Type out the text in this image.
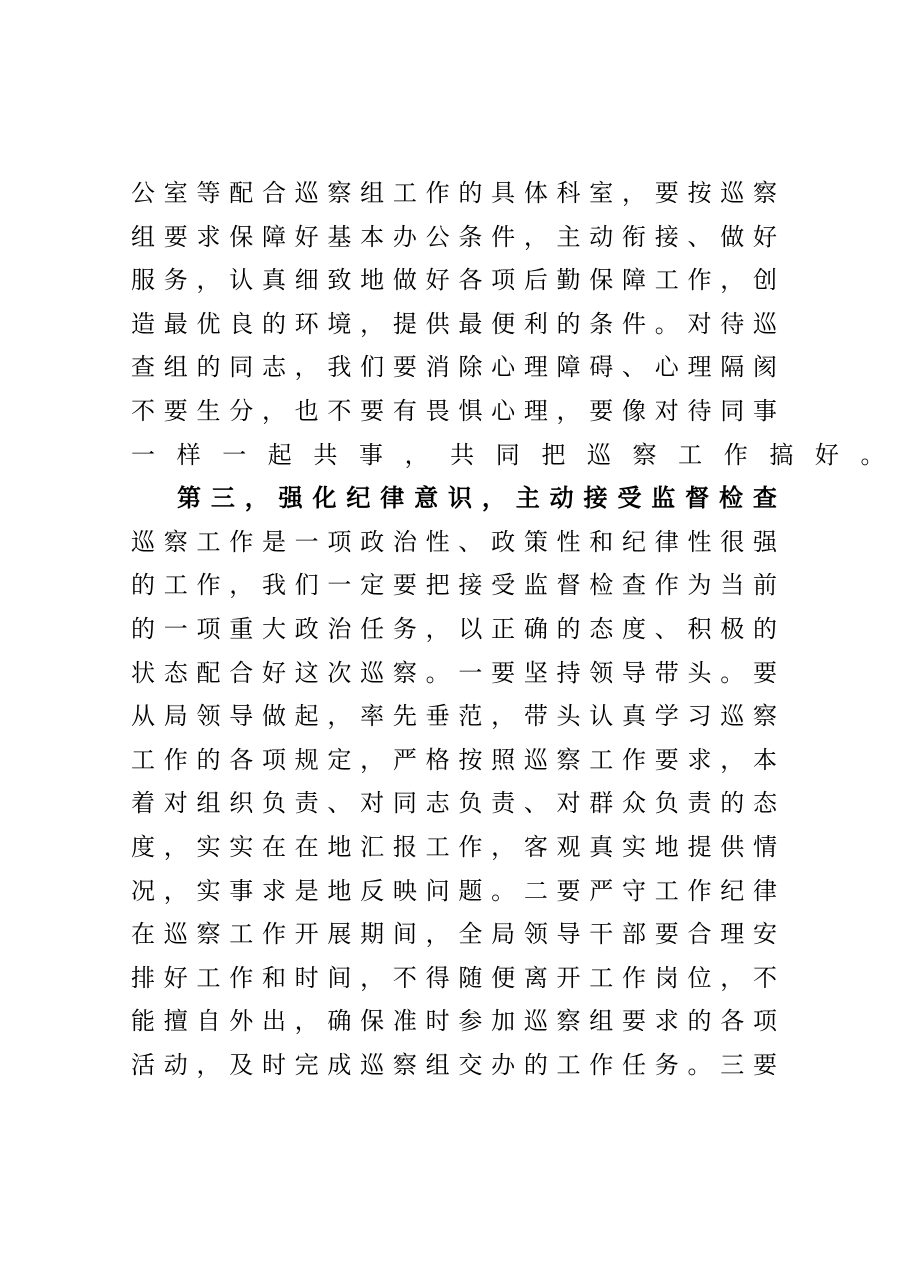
公 室 等 配 合 巡 察 组 工 作 的 具 体 科 室 ， 要 按 巡 察
组 要 求 保 障 好 基 本 办 公 条 件 ， 主 动 衔 接 、 做 好
服 务 ， 认 真 细 致 地 做 好 各 项 后 勤 保 障 工 作 ， 创
造 最 优 良 的 环 境 ， 提 供 最 便 利 的 条 件 。 对 待 巡
查 组 的 同 志 ， 我 们 要 消 除 心 理 障 碍 、 心 理 隔 阂
不 要 生 分 ， 也 不 要 有 畏 惧 心 理 ， 要 像 对 待 同 事
一 样 一 起 共 事 ， 共 同 把 巡 察 工 作 搞 好 。
第 三 ， 强 化 纪 律 意 识 ， 主 动 接 受 监 督 检 查
巡 察 工 作 是 一 项 政 治 性 、 政 策 性 和 纪 律 性 很 强
的 工 作 ， 我 们 一 定 要 把 接 受 监 督 检 查 作 为 当 前
的 一 项 重 大 政 治 任 务 ， 以 正 确 的 态 度 、 积 极 的
状 态 配 合 好 这 次 巡 察 。 一 要 坚 持 领 导 带 头 。 要
从 局 领 导 做 起 ， 率 先 垂 范 ， 带 头 认 真 学 习 巡 察
工 作 的 各 项 规 定 ， 严 格 按 照 巡 察 工 作 要 求 ， 本
着 对 组 织 负 责 、 对 同 志 负 责 、 对 群 众 负 责 的 态
度 ， 实 实 在 在 地 汇 报 工 作 ， 客 观 真 实 地 提 供 情
况 ， 实 事 求 是 地 反 映 问 题 。 二 要 严 守 工 作 纪 律
在 巡 察 工 作 开 展 期 间 ， 全 局 领 导 干 部 要 合 理 安
排 好 工 作 和 时 间 ， 不 得 随 便 离 开 工 作 岗 位 ， 不
能 擅 自 外 出 ， 确 保 准 时 参 加 巡 察 组 要 求 的 各 项
活 动 ， 及 时 完 成 巡 察 组 交 办 的 工 作 任 务 。 三 要
